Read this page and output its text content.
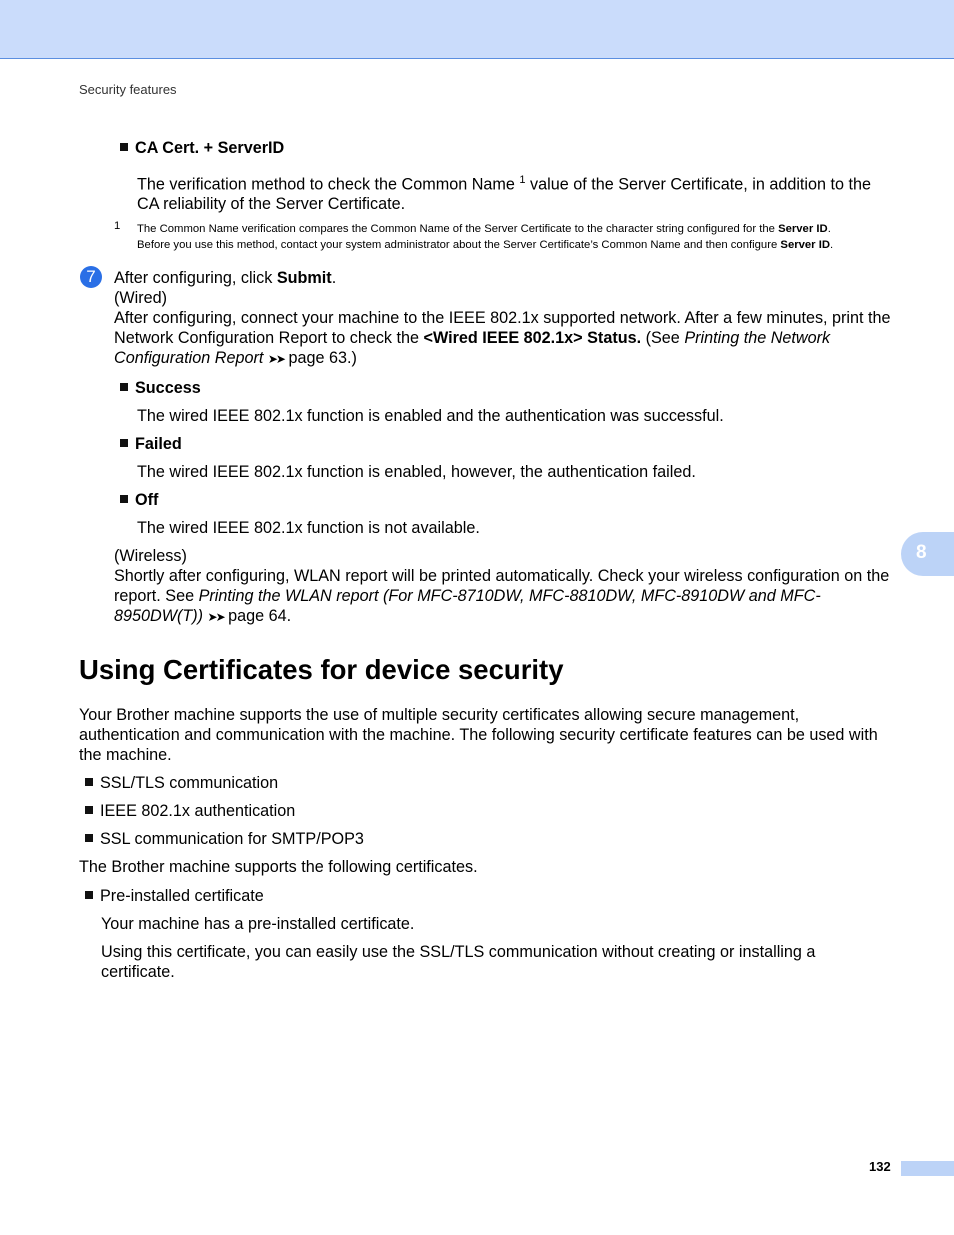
Security features
CA Cert. + ServerID
The verification method to check the Common Name $^1$ value of the Server Certificate, in addition to the CA reliability of the Server Certificate.
1 The Common Name verification compares the Common Name of the Server Certificate to the character string configured for the Server ID.
Before you use this method, contact your system administrator about the Server Certificate’s Common Name and then configure Server ID.
7	After configuring, click Submit.
(Wired)
After configuring, connect your machine to the IEEE 802.1x supported network. After a few minutes, print the Network Configuration Report to check the <Wired IEEE 802.1x> Status. (See Printing the Network Configuration Report ➤➤ page 63.)
Success
The wired IEEE 802.1x function is enabled and the authentication was successful.
Failed
The wired IEEE 802.1x function is enabled, however, the authentication failed.
Off
The wired IEEE 802.1x function is not available.
(Wireless)
Shortly after configuring, WLAN report will be printed automatically. Check your wireless configuration on the report. See Printing the WLAN report (For MFC-8710DW, MFC-8810DW, MFC-8910DW and MFC-8950DW(T)) ➤➤ page 64.
8
Using Certificates for device security
Your Brother machine supports the use of multiple security certificates allowing secure management, authentication and communication with the machine. The following security certificate features can be used with the machine.
SSL/TLS communication
IEEE 802.1x authentication
SSL communication for SMTP/POP3
The Brother machine supports the following certificates.
Pre-installed certificate
Your machine has a pre-installed certificate.
Using this certificate, you can easily use the SSL/TLS communication without creating or installing a certificate.
132
